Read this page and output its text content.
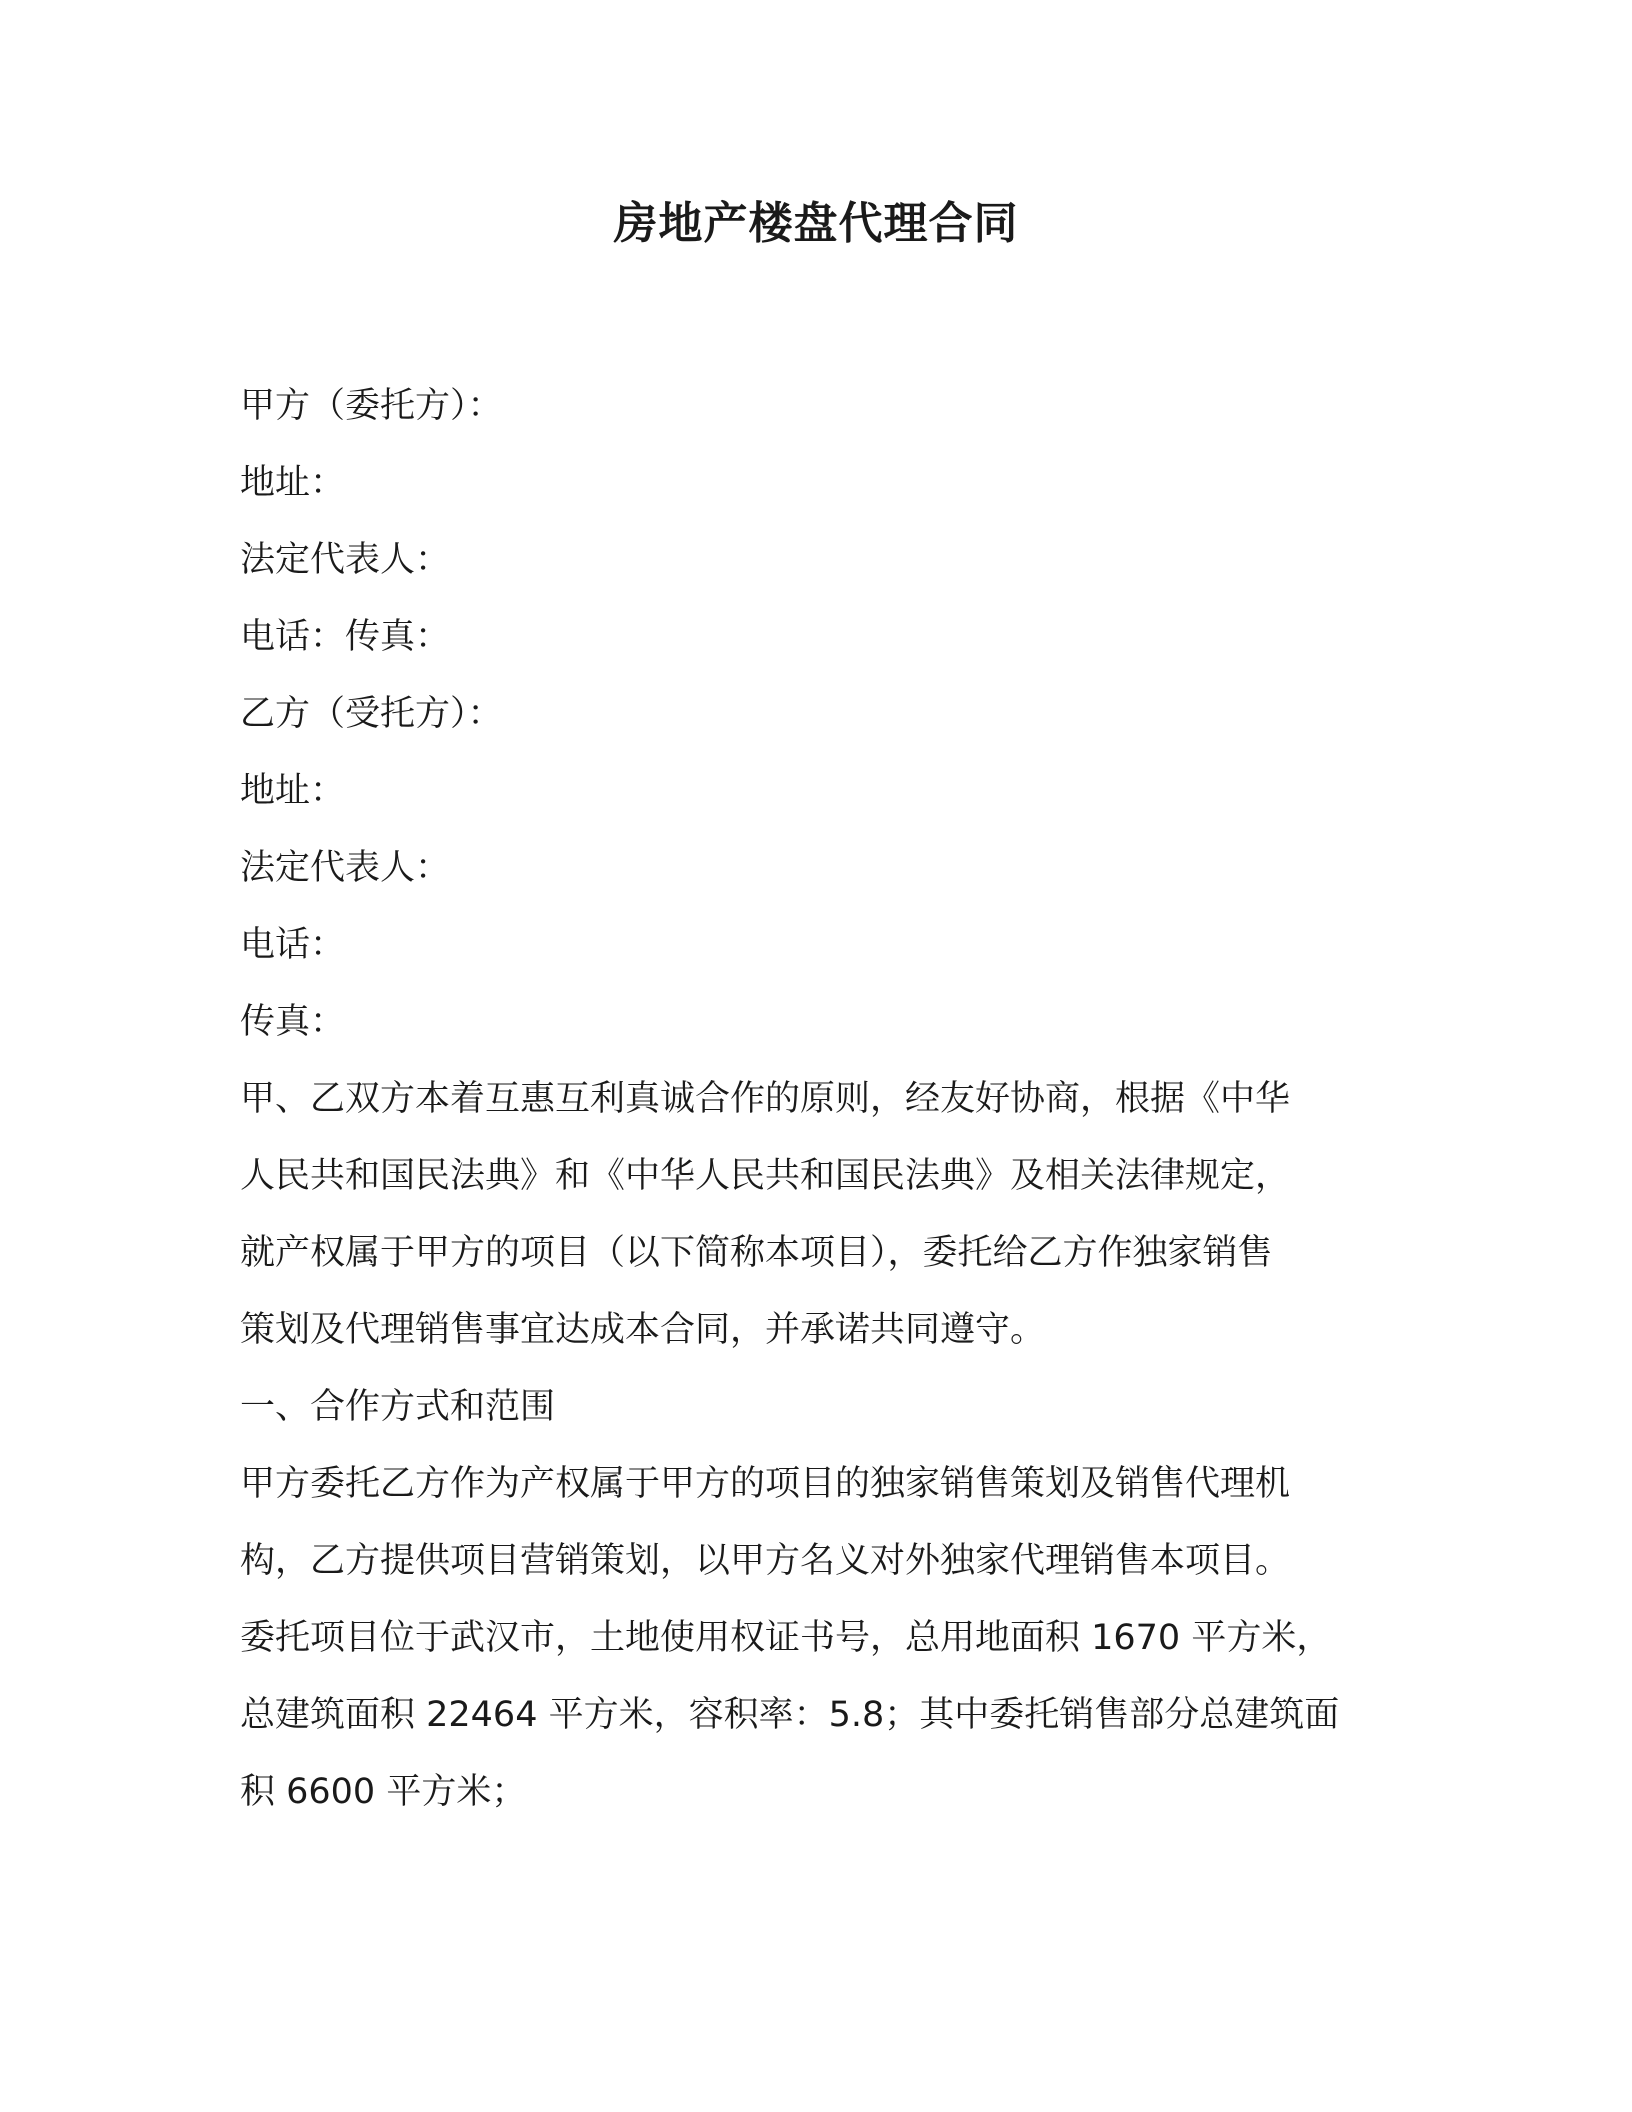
房地产楼盘代理合同
甲方（委托方）：
地址：
法定代表人：
电话：传真：
乙方（受托方）：
地址：
法定代表人：
电话：
传真：
甲、乙双方本着互惠互利真诚合作的原则，经友好协商，根据《中华
人民共和国民法典》和《中华人民共和国民法典》及相关法律规定，
就产权属于甲方的项目（以下简称本项目），委托给乙方作独家销售
策划及代理销售事宜达成本合同，并承诺共同遵守。
一、合作方式和范围
甲方委托乙方作为产权属于甲方的项目的独家销售策划及销售代理机
构，乙方提供项目营销策划，以甲方名义对外独家代理销售本项目。
委托项目位于武汉市，土地使用权证书号，总用地面积 1670 平方米，
总建筑面积 22464 平方米，容积率：5.8；其中委托销售部分总建筑面
积 6600 平方米；
